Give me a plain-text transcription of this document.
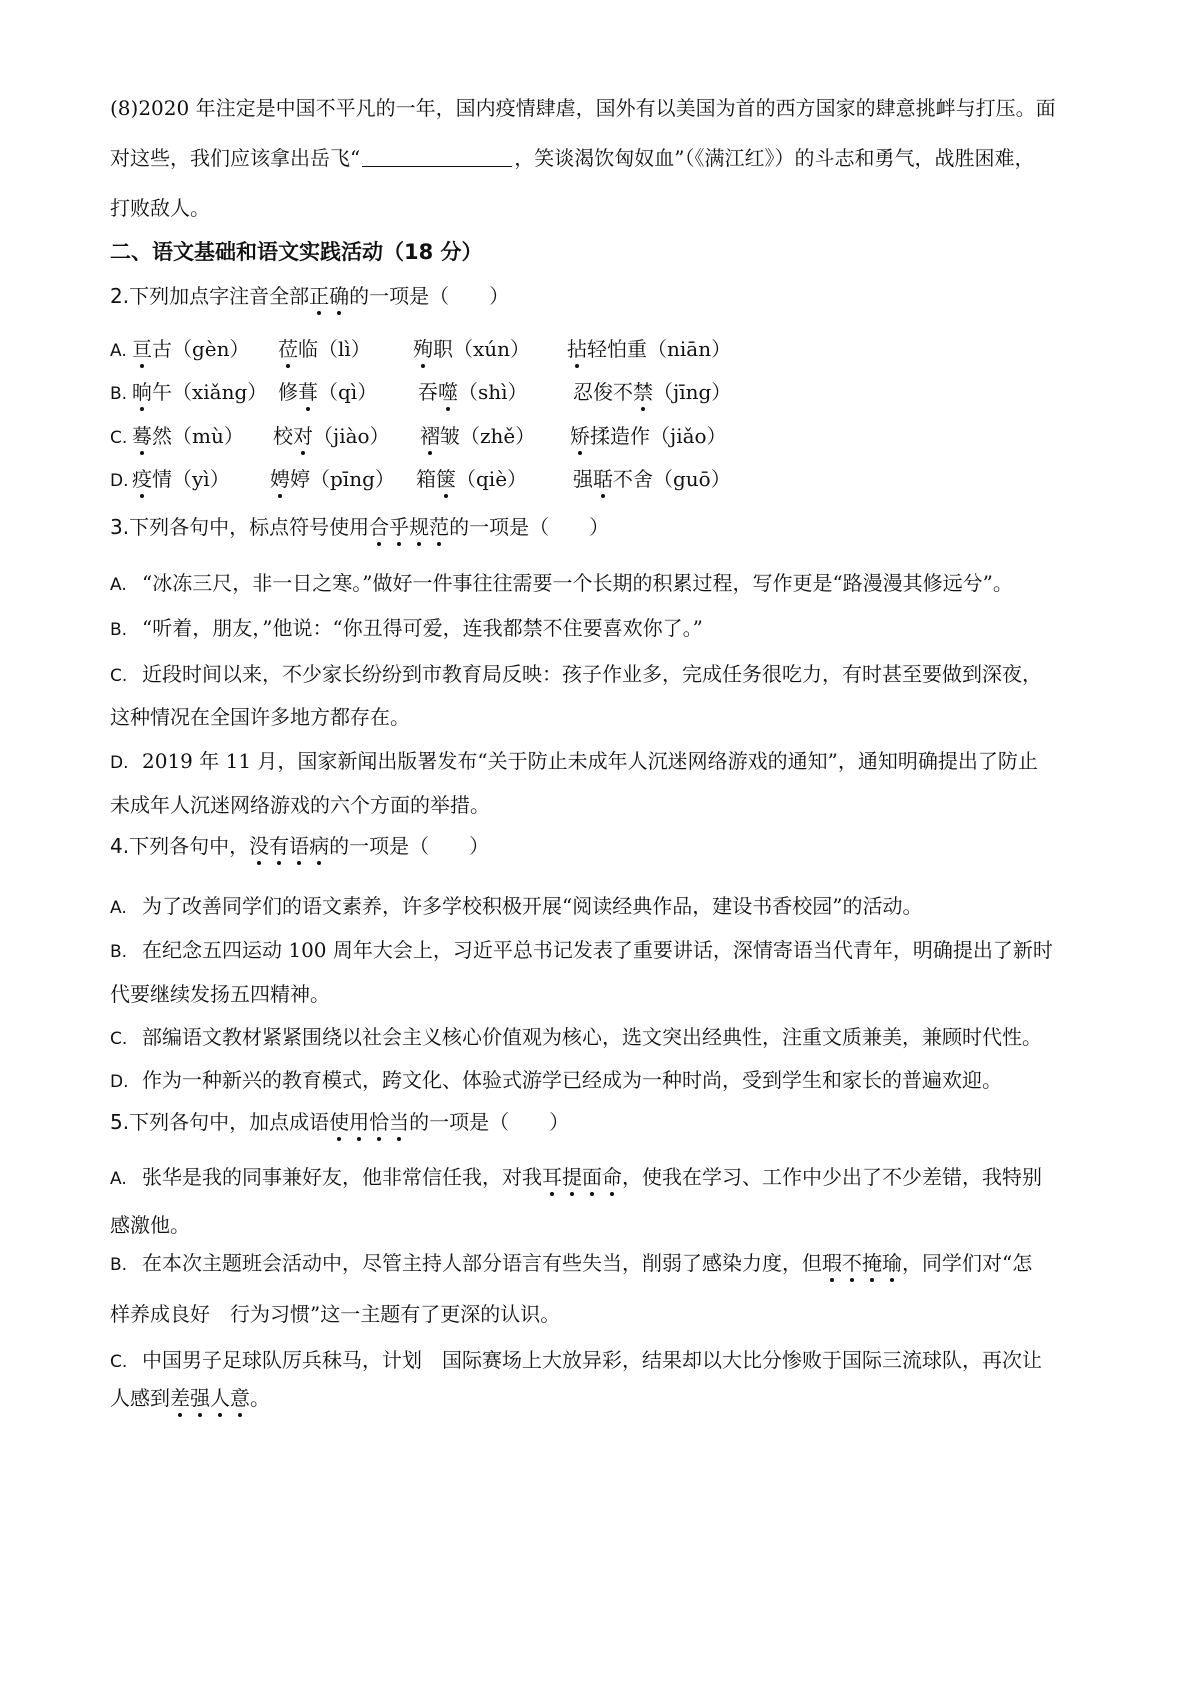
(8)2020 年注定是中国不平凡的一年，国内疫情肆虐，国外有以美国为首的西方国家的肆意挑衅与打压。面
对这些，我们应该拿出岳飞“	，笑谈渴饮匈奴血”（《满江红》）的斗志和勇气，战胜困难，
打败敌人。
二、语文基础和语文实践活动（18 分）
2.下列加点字注音全部正确的一项是（　　）
A. 亘古（gèn） 莅临（lì） 殉职（xún） 拈轻怕重（niān）
B. 晌午（xiǎng） 修葺（qì） 吞噬（shì） 忍俊不禁（jīng）
C. 蓦然（mù） 校对（jiào） 褶皱（zhě） 矫揉造作（jiǎo）
D. 疫情（yì） 娉婷（pīng） 箱箧（qiè） 强聒不舍（guō）
3.下列各句中，标点符号使用合乎规范的一项是（　　）
A. “冰冻三尺，非一日之寒。”做好一件事往往需要一个长期的积累过程，写作更是“路漫漫其修远兮”。
B. “听着，朋友，”他说：“你丑得可爱，连我都禁不住要喜欢你了。”
C. 近段时间以来，不少家长纷纷到市教育局反映：孩子作业多，完成任务很吃力，有时甚至要做到深夜，
这种情况在全国许多地方都存在。
D. 2019 年 11 月，国家新闻出版署发布“关于防止未成年人沉迷网络游戏的通知”，通知明确提出了防止
未成年人沉迷网络游戏的六个方面的举措。
4.下列各句中，没有语病的一项是（　　）
A. 为了改善同学们的语文素养，许多学校积极开展“阅读经典作品，建设书香校园”的活动。
B. 在纪念五四运动 100 周年大会上，习近平总书记发表了重要讲话，深情寄语当代青年，明确提出了新时
代要继续发扬五四精神。
C. 部编语文教材紧紧围绕以社会主义核心价值观为核心，选文突出经典性，注重文质兼美，兼顾时代性。
D. 作为一种新兴的教育模式，跨文化、体验式游学已经成为一种时尚，受到学生和家长的普遍欢迎。
5.下列各句中，加点成语使用恰当的一项是（　　）
A. 张华是我的同事兼好友，他非常信任我，对我耳提面命，使我在学习、工作中少出了不少差错，我特别
感激他。
B. 在本次主题班会活动中，尽管主持人部分语言有些失当，削弱了感染力度，但瑕不掩瑜，同学们对“怎
样养成良好　行为习惯”这一主题有了更深的认识。
C. 中国男子足球队厉兵秣马，计划　国际赛场上大放异彩，结果却以大比分惨败于国际三流球队，再次让
人感到差强人意。
